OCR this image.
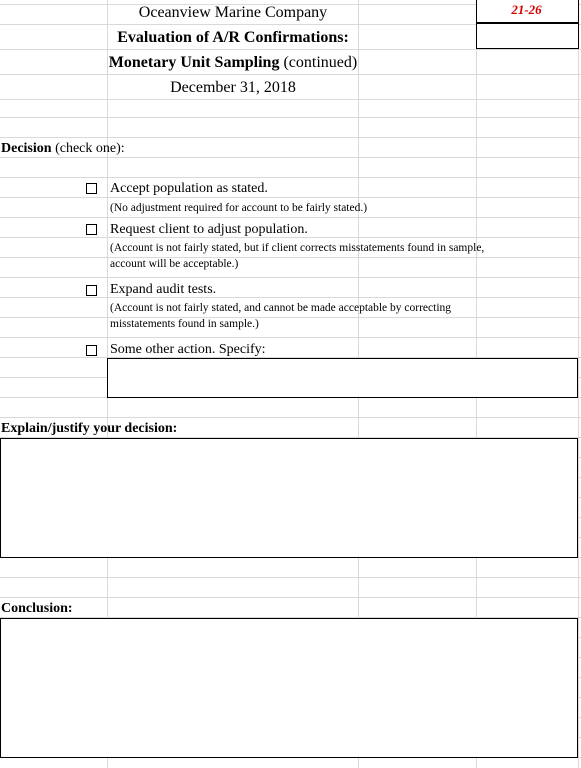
Oceanview Marine Company
Evaluation of A/R Confirmations:
Monetary Unit Sampling (continued)
December 31, 2018
21-26
Decision (check one):
Accept population as stated.
(No adjustment required for account to be fairly stated.)
Request client to adjust population.
(Account is not fairly stated, but if client corrects misstatements found in sample,
account will be acceptable.)
Expand audit tests.
(Account is not fairly stated, and cannot be made acceptable by correcting
misstatements found in sample.)
Some other action. Specify:
Explain/justify your decision:
Conclusion:
